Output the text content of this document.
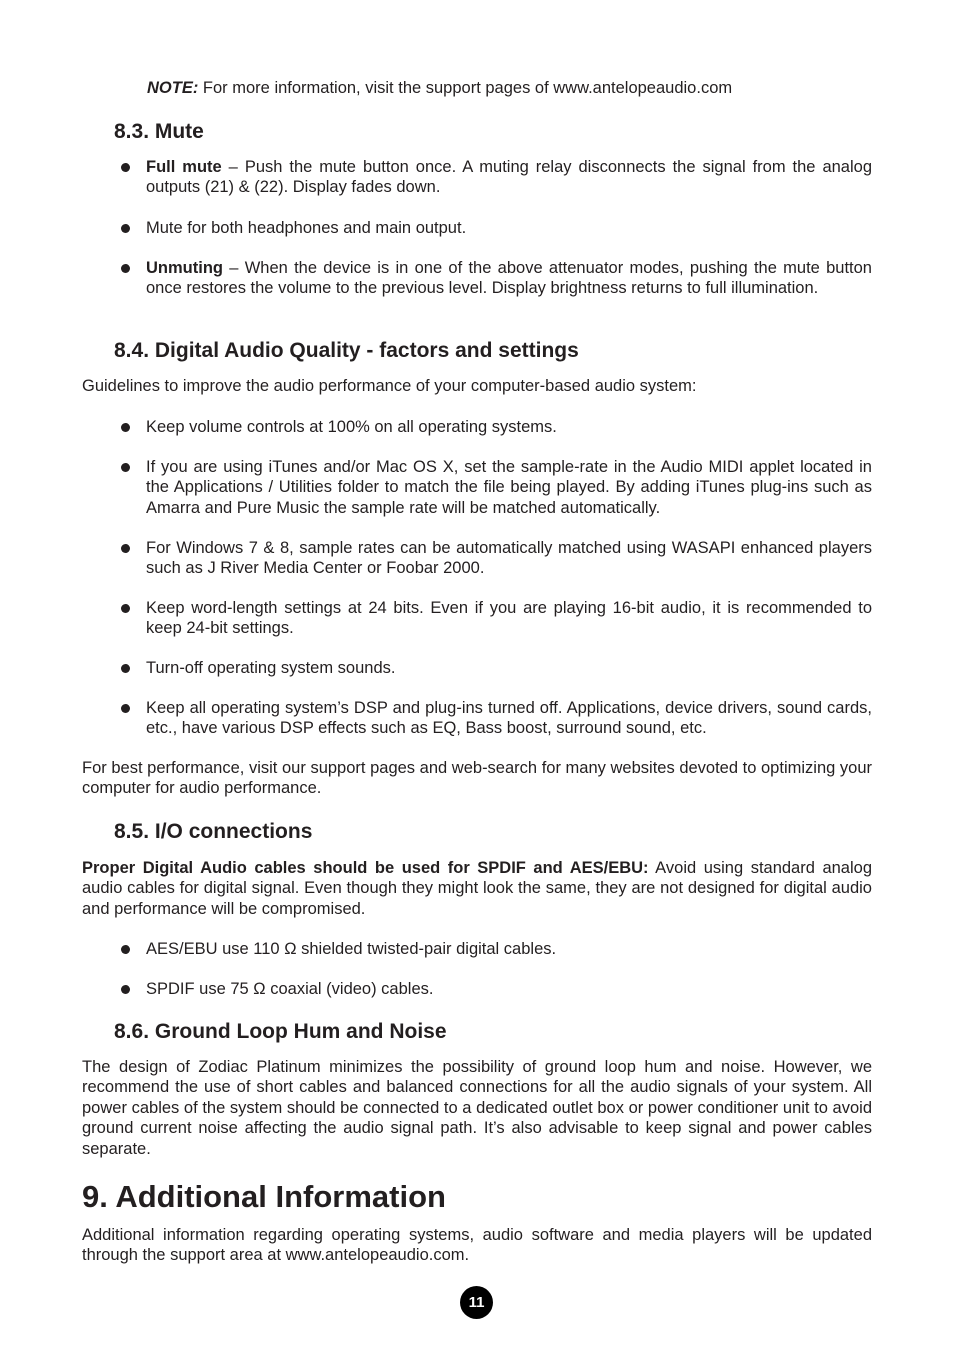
NOTE: For more information, visit the support pages of www.antelopeaudio.com
8.3. Mute
Full mute – Push the mute button once. A muting relay disconnects the signal from the analog outputs (21) & (22). Display fades down.
Mute for both headphones and main output.
Unmuting – When the device is in one of the above attenuator modes, pushing the mute button once restores the volume to the previous level. Display brightness returns to full illumination.
8.4. Digital Audio Quality - factors and settings

Guidelines to improve the audio performance of your computer-based audio system:

Keep volume controls at 100% on all operating systems.
If you are using iTunes and/or Mac OS X, set the sample-rate in the Audio MIDI applet located in the Applications / Utilities folder to match the file being played. By adding iTunes plug-ins such as Amarra and Pure Music the sample rate will be matched automatically.
For Windows 7 & 8, sample rates can be automatically matched using WASAPI enhanced players such as J River Media Center or Foobar 2000.
Keep word-length settings at 24 bits. Even if you are playing 16-bit audio, it is recommended to keep 24-bit settings.
Turn-off operating system sounds.
Keep all operating system’s DSP and plug-ins turned off. Applications, device drivers, sound cards, etc., have various DSP effects such as EQ, Bass boost, surround sound, etc.

For best performance, visit our support pages and web-search for many websites devoted to optimizing your computer for audio performance.

8.5. I/O connections

Proper Digital Audio cables should be used for SPDIF and AES/EBU: Avoid using standard analog audio cables for digital signal. Even though they might look the same, they are not designed for digital audio and performance will be compromised.

AES/EBU use 110 Ω shielded twisted-pair digital cables.
SPDIF use 75 Ω coaxial (video) cables.
8.6. Ground Loop Hum and Noise

The design of Zodiac Platinum minimizes the possibility of ground loop hum and noise. However, we recommend the use of short cables and balanced connections for all the audio signals of your system. All power cables of the system should be connected to a dedicated outlet box or power conditioner unit to avoid ground current noise affecting the audio signal path. It’s also advisable to keep signal and power cables separate.

9. Additional Information

Additional information regarding operating systems, audio software and media players will be updated through the support area at www.antelopeaudio.com.

11
